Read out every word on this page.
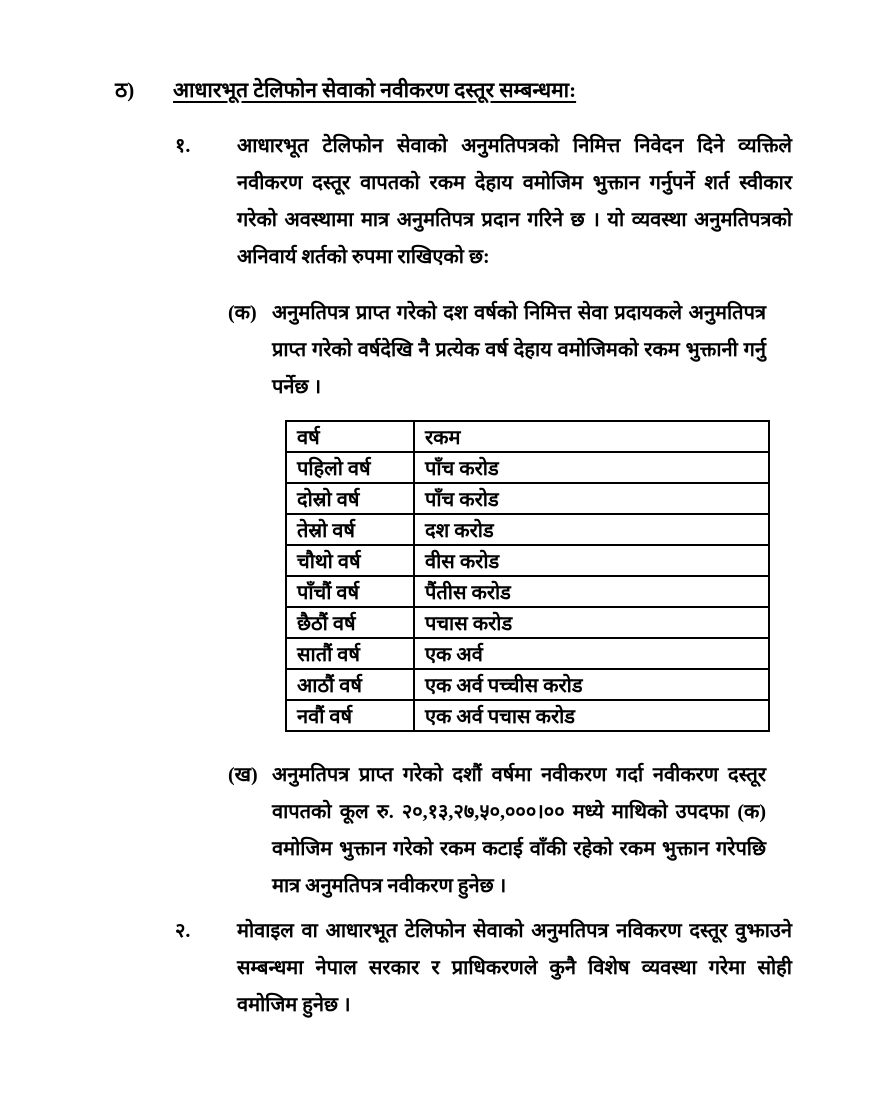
ठ)	आधारभूत टेलिफोन सेवाको नवीकरण दस्तूर सम्बन्धमा:
१.	आधारभूत टेलिफोन सेवाको अनुमतिपत्रको निमित्त निवेदन दिने व्यक्तिले नवीकरण दस्तूर वापतको रकम देहाय वमोजिम भुक्तान गर्नुपर्ने शर्त स्वीकार गरेको अवस्थामा मात्र अनुमतिपत्र प्रदान गरिने छ । यो व्यवस्था अनुमतिपत्रको अनिवार्य शर्तको रुपमा राखिएको छ:
(क) अनुमतिपत्र प्राप्त गरेको दश वर्षको निमित्त सेवा प्रदायकले अनुमतिपत्र प्राप्त गरेको वर्षदेखि नै प्रत्येक वर्ष देहाय वमोजिमको रकम भुक्तानी गर्नु पर्नेछ ।
वर्ष	रकम
पहिलो वर्ष	पाँच करोड
दोस्रो वर्ष	पाँच करोड
तेस्रो वर्ष	दश करोड
चौथो वर्ष	वीस करोड
पाँचौं वर्ष	पैंतीस करोड
छैठौं वर्ष	पचास करोड
सातौं वर्ष	एक अर्व
आठौं वर्ष	एक अर्व पच्चीस करोड
नवौं वर्ष	एक अर्व पचास करोड
(ख) अनुमतिपत्र प्राप्त गरेको दशौं वर्षमा नवीकरण गर्दा नवीकरण दस्तूर वापतको कूल रु. २०,१३,२७,५०,०००।०० मध्ये माथिको उपदफा (क) वमोजिम भुक्तान गरेको रकम कटाई वाँकी रहेको रकम भुक्तान गरेपछि मात्र अनुमतिपत्र नवीकरण हुनेछ ।
२.	मोवाइल वा आधारभूत टेलिफोन सेवाको अनुमतिपत्र नविकरण दस्तूर वुझाउने सम्बन्धमा नेपाल सरकार र प्राधिकरणले कुनै विशेष व्यवस्था गरेमा सोही वमोजिम हुनेछ ।
